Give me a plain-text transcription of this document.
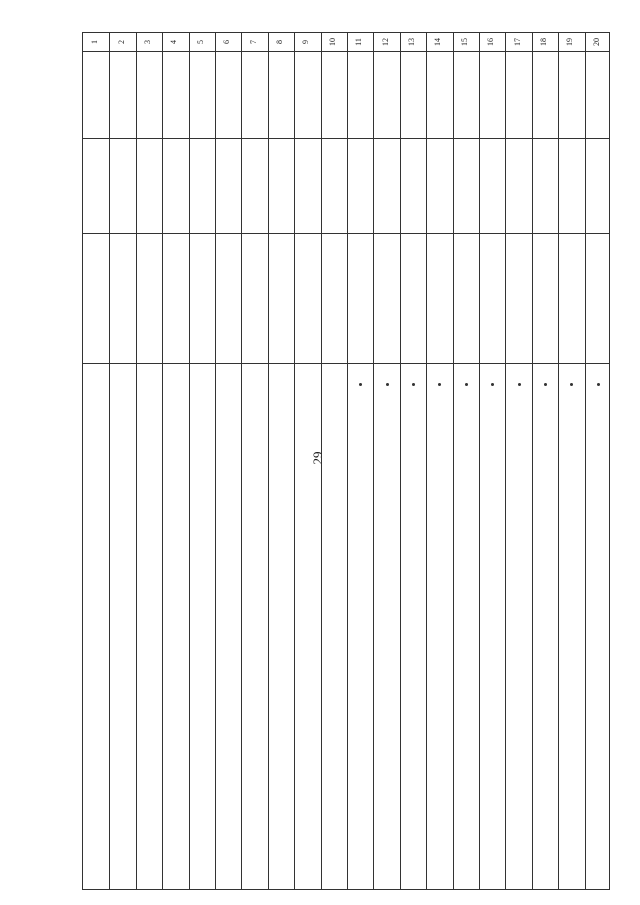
29
1	2	3	4	5	6	7	8	9	10	11	12	13	14	15	16	17	18	19	20
